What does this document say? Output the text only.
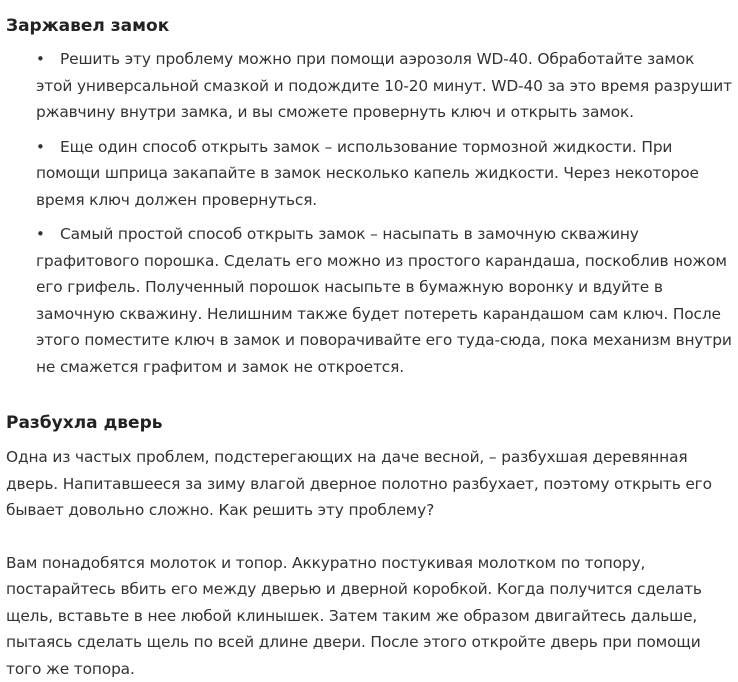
Заржавел замок
• Решить эту проблему можно при помощи аэрозоля WD-40. Обработайте замок этой универсальной смазкой и подождите 10-20 минут. WD-40 за это время разрушит ржавчину внутри замка, и вы сможете провернуть ключ и открыть замок.
• Еще один способ открыть замок – использование тормозной жидкости. При помощи шприца закапайте в замок несколько капель жидкости. Через некоторое время ключ должен провернуться.
• Самый простой способ открыть замок – насыпать в замочную скважину графитового порошка. Сделать его можно из простого карандаша, поскоблив ножом его грифель. Полученный порошок насыпьте в бумажную воронку и вдуйте в замочную скважину. Нелишним также будет потереть карандашом сам ключ. После этого поместите ключ в замок и поворачивайте его туда-сюда, пока механизм внутри не смажется графитом и замок не откроется.
Разбухла дверь

Одна из частых проблем, подстерегающих на даче весной, – разбухшая деревянная дверь. Напитавшееся за зиму влагой дверное полотно разбухает, поэтому открыть его бывает довольно сложно. Как решить эту проблему?

Вам понадобятся молоток и топор. Аккуратно постукивая молотком по топору, постарайтесь вбить его между дверью и дверной коробкой. Когда получится сделать щель, вставьте в нее любой клинышек. Затем таким же образом двигайтесь дальше, пытаясь сделать щель по всей длине двери. После этого откройте дверь при помощи того же топора.
